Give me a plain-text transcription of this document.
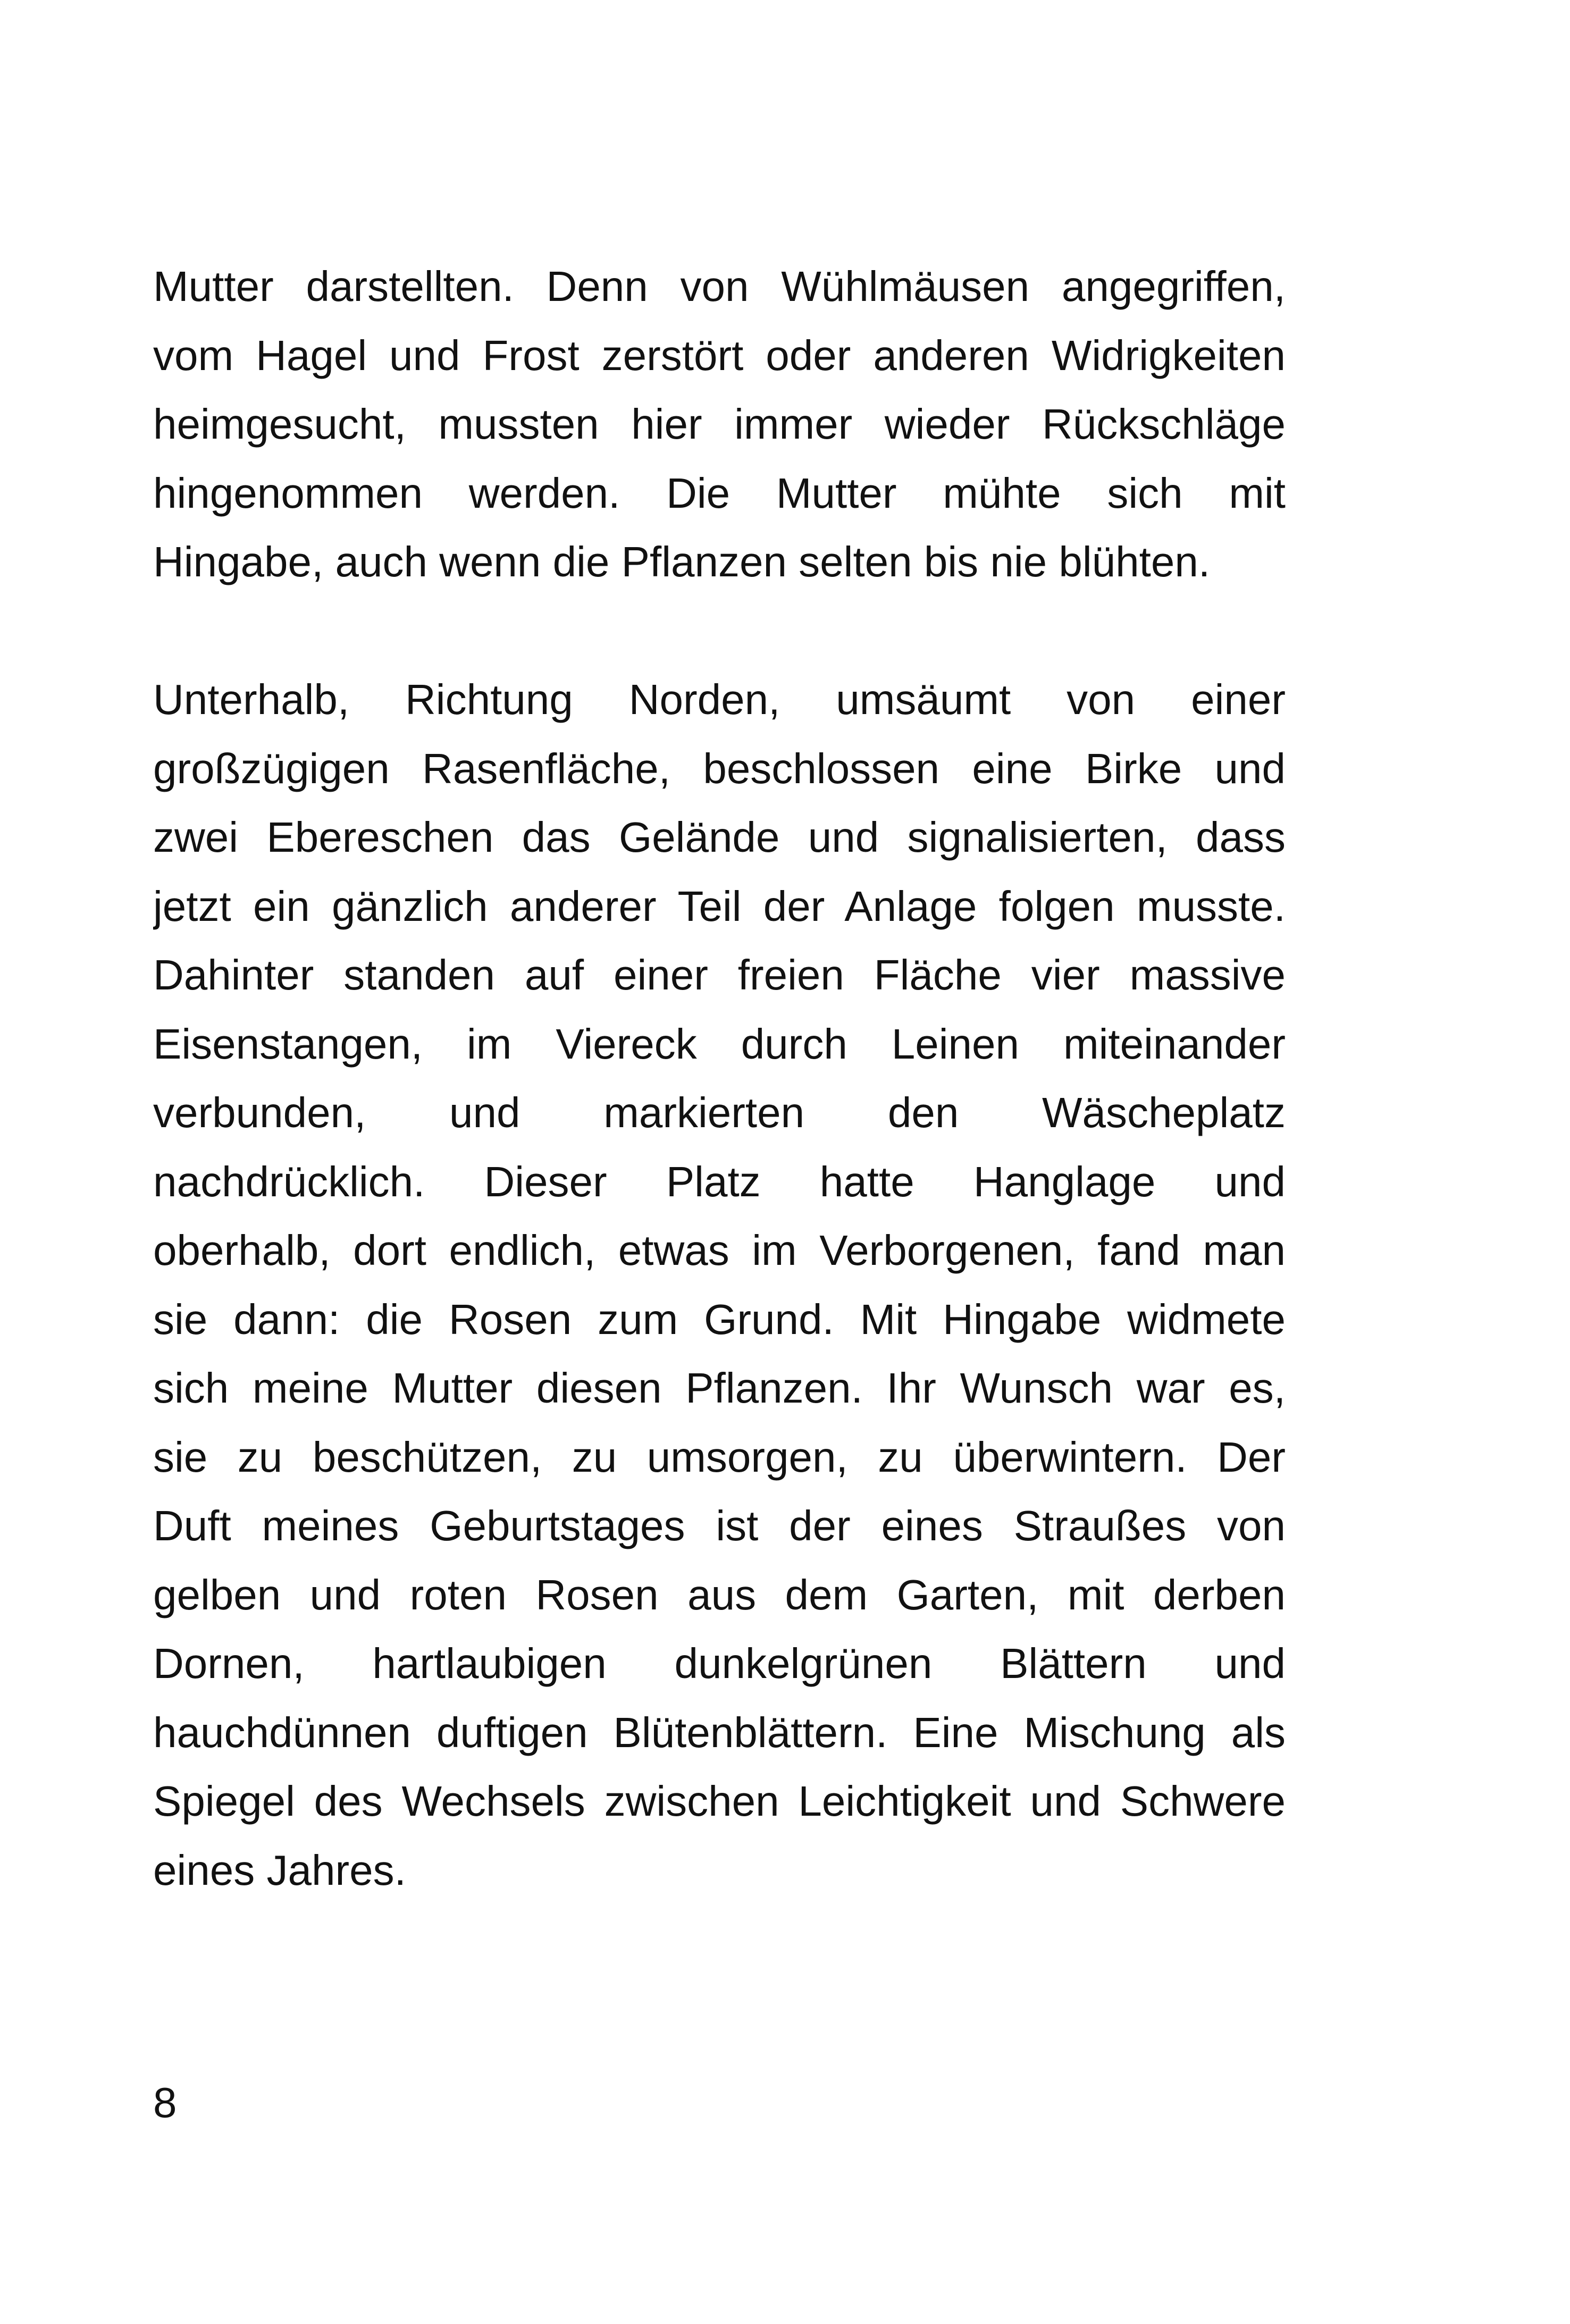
Mutter darstellten. Denn von Wühlmäusen angegriffen,
vom Hagel und Frost zerstört oder anderen Widrigkeiten
heimgesucht, mussten hier immer wieder Rückschläge
hingenommen werden. Die Mutter mühte sich mit
Hingabe, auch wenn die Pflanzen selten bis nie blühten.
Unterhalb, Richtung Norden, umsäumt von einer
großzügigen Rasenfläche, beschlossen eine Birke und
zwei Ebereschen das Gelände und signalisierten, dass
jetzt ein gänzlich anderer Teil der Anlage folgen musste.
Dahinter standen auf einer freien Fläche vier massive
Eisenstangen, im Viereck durch Leinen miteinander
verbunden, und markierten den Wäscheplatz
nachdrücklich. Dieser Platz hatte Hanglage und
oberhalb, dort endlich, etwas im Verborgenen, fand man
sie dann: die Rosen zum Grund. Mit Hingabe widmete
sich meine Mutter diesen Pflanzen. Ihr Wunsch war es,
sie zu beschützen, zu umsorgen, zu überwintern. Der
Duft meines Geburtstages ist der eines Straußes von
gelben und roten Rosen aus dem Garten, mit derben
Dornen, hartlaubigen dunkelgrünen Blättern und
hauchdünnen duftigen Blütenblättern. Eine Mischung als
Spiegel des Wechsels zwischen Leichtigkeit und Schwere
eines Jahres.
8
